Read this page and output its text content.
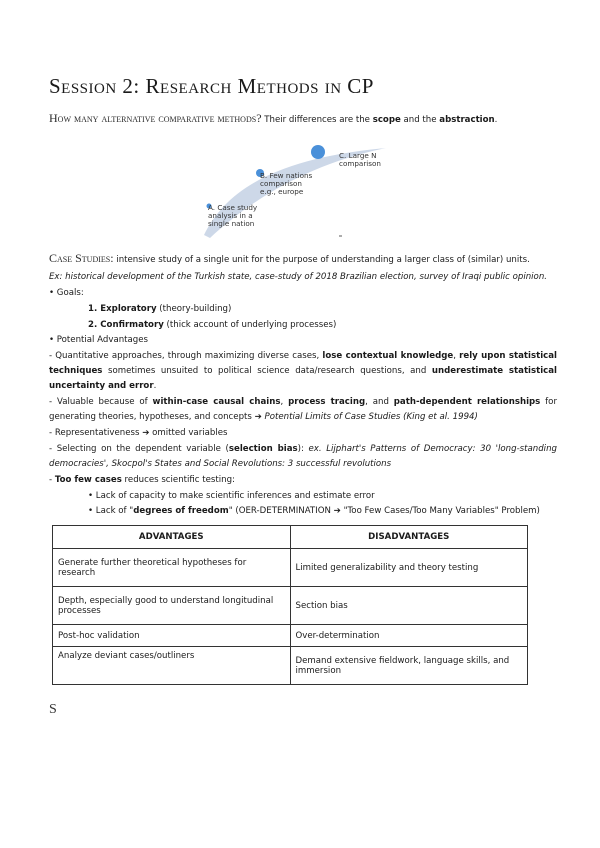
Session 2: Research Methods in CP
How many alternative comparative methods? Their differences are the scope and the abstraction.
C. Large N
comparison
B. Few nations
comparison
e.g., europe
A. Case study
analysis in a
single nation
Case Studies: intensive study of a single unit for the purpose of understanding a larger class of (similar) units.
Ex: historical development of the Turkish state, case-study of 2018 Brazilian election, survey of Iraqi public opinion.
• Goals:
1. Exploratory (theory-building)
2. Confirmatory (thick account of underlying processes)
• Potential Advantages
- Quantitative approaches, through maximizing diverse cases, lose contextual knowledge, rely upon statistical
techniques sometimes unsuited to political science data/research questions, and underestimate statistical
uncertainty and error.
- Valuable because of within-case causal chains, process tracing, and path-dependent relationships for
generating theories, hypotheses, and concepts ➔ Potential Limits of Case Studies (King et al. 1994)
- Representativeness ➔ omitted variables
- Selecting on the dependent variable (selection bias): ex. Lijphart's Patterns of Democracy: 30 'long-standing
democracies', Skocpol's States and Social Revolutions: 3 successful revolutions
- Too few cases reduces scientific testing:
• Lack of capacity to make scientific inferences and estimate error
• Lack of "degrees of freedom" (OER-DETERMINATION ➔ "Too Few Cases/Too Many Variables" Problem)
ADVANTAGES	DISADVANTAGES
Generate further theoretical hypotheses for research	Limited generalizability and theory testing
Depth, especially good to understand longitudinal processes	Section bias
Post-hoc validation	Over-determination
Analyze deviant cases/outliners	Demand extensive fieldwork, language skills, and immersion
S
